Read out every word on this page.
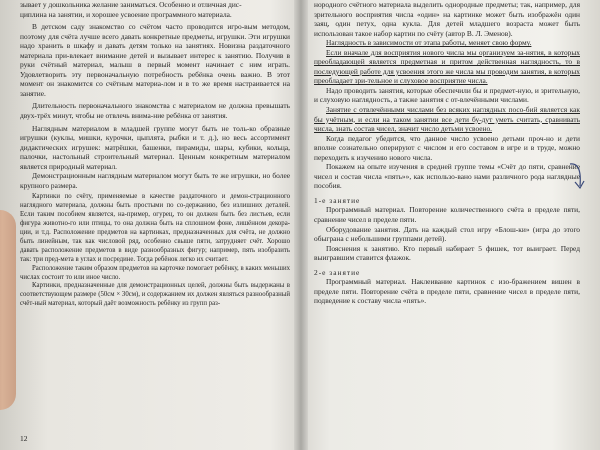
зывает у дошкольника желание заниматься. Особенно и отличная дис-

циплина на занятии, и хорошее усвоение программного материала.

В детском саду знакомство со счётом часто проводится игро-вым методом, поэтому для счёта лучше всего давать конкретные предметы, игрушки. Эти игрушки надо хранить в шкафу и давать детям только на занятиях. Новизна раздаточного материала при-влекает внимание детей и вызывает интерес к занятию. Получив в руки счётный материал, малыш в первый момент начинает с ним играть. Удовлетворить эту первоначальную потребность ребёнка очень важно. В этот момент он знакомится со счётным материа-лом и в то же время настраивается на занятие.

Длительность первоначального знакомства с материалом не должна превышать двух-трёх минут, чтобы не отвлечь внима-ние ребёнка от занятия.

Наглядным материалом в младшей группе могут быть не толь-ко образные игрушки (куклы, мишки, курочки, цыплята, рыбки и т. д.), но весь ассортимент дидактических игрушек: матрёшки, башенки, пирамиды, шары, кубики, кольца, палочки, настольный строительный материал. Ценным конкретным материалом является природный материал.

Демонстрационным наглядным материалом могут быть те же игрушки, но более крупного размера.

Картинки по счёту, применяемые в качестве раздаточного и демон-страционного наглядного материала, должны быть простыми по со-держанию, без излишних деталей. Если таким пособием является, на-пример, огурец, то он должен быть без листьев, если фигура животно-го или птицы, то она должна быть на сплошном фоне, лишённом декора-ции, и т.д. Расположение предметов на картинках, предназначенных для счёта, не должно быть линейным, так как числовой ряд, особенно свыше пяти, затрудняет счёт. Хорошо давать расположение предметов в виде разнообразных фигур; например, пять изобразить так: три пред-мета в углах и посредине. Тогда ребёнок легко их считает.

Расположение таким образом предметов на карточке помогает ребёнку, в каких меньших числах состоит то или иное число.

Картинки, предназначенные для демонстрационных целей, должны быть выдержаны в соответствующем размере (50см × 30см), и содержанием их должен являться разнообразный счёт-ный материал, который даёт возможность ребёнку из групп раз-

12

нородного счётного материала выделить однородные предметы; так, например, для зрительного восприятия числа «один» на картинке может быть изображён один заяц, один петух, одна кукла. Для детей младшего возраста может быть использован такое набор картин по счёту (автор В. Л. Эменов).

Наглядность в зависимости от этапа работы, меняет свою форму.

Если вначале для восприятия нового числа мы организуем за-нятия, в которых преобладающей является предметная и притом действенная наглядность, то в последующей работе для усвоения этого же числа мы проводим занятия, в которых преобладает зри-тельное и слуховое восприятие числа.

Надо проводить занятия, которые обеспечили бы и предмет-ную, и зрительную, и слуховую наглядность, а также занятия с от-влечёнными числами.

Занятие с отвлечёнными числами без всяких наглядных посо-бий является как бы учётным, и если на таком занятии все дети бу-дут уметь считать, сравнивать числа, знать состав чисел, значит число детьми усвоено.

Когда педагог убедится, что данное число усвоено детьми проч-но и дети вполне сознательно оперируют с числом и его составом в игре и в труде, можно переходить к изучению нового числа.

Покажем на опыте изучения в средней группе темы «Счёт до пяти, сравнение чисел и состав числа «пять»», как использо-вано нами различного рода наглядные пособия.

1-е занятие

Программный материал. Повторение количественного счёта в пределе пяти, сравнение чисел в пределе пяти.

Оборудование занятия. Дать на каждый стол игру «Блош-ки» (игра до этого обыграна с небольшими группами детей).

Пояснения к занятию. Кто первый набирает 5 фишек, тот выиграет. Перед выигравшим ставится флажок.

2-е занятие

Программный материал. Наклеивание картинок с изо-бражением вишен в пределе пяти. Повторение счёта в пределе пяти, сравнение чисел в пределе пяти, подведение к составу числа «пять».
